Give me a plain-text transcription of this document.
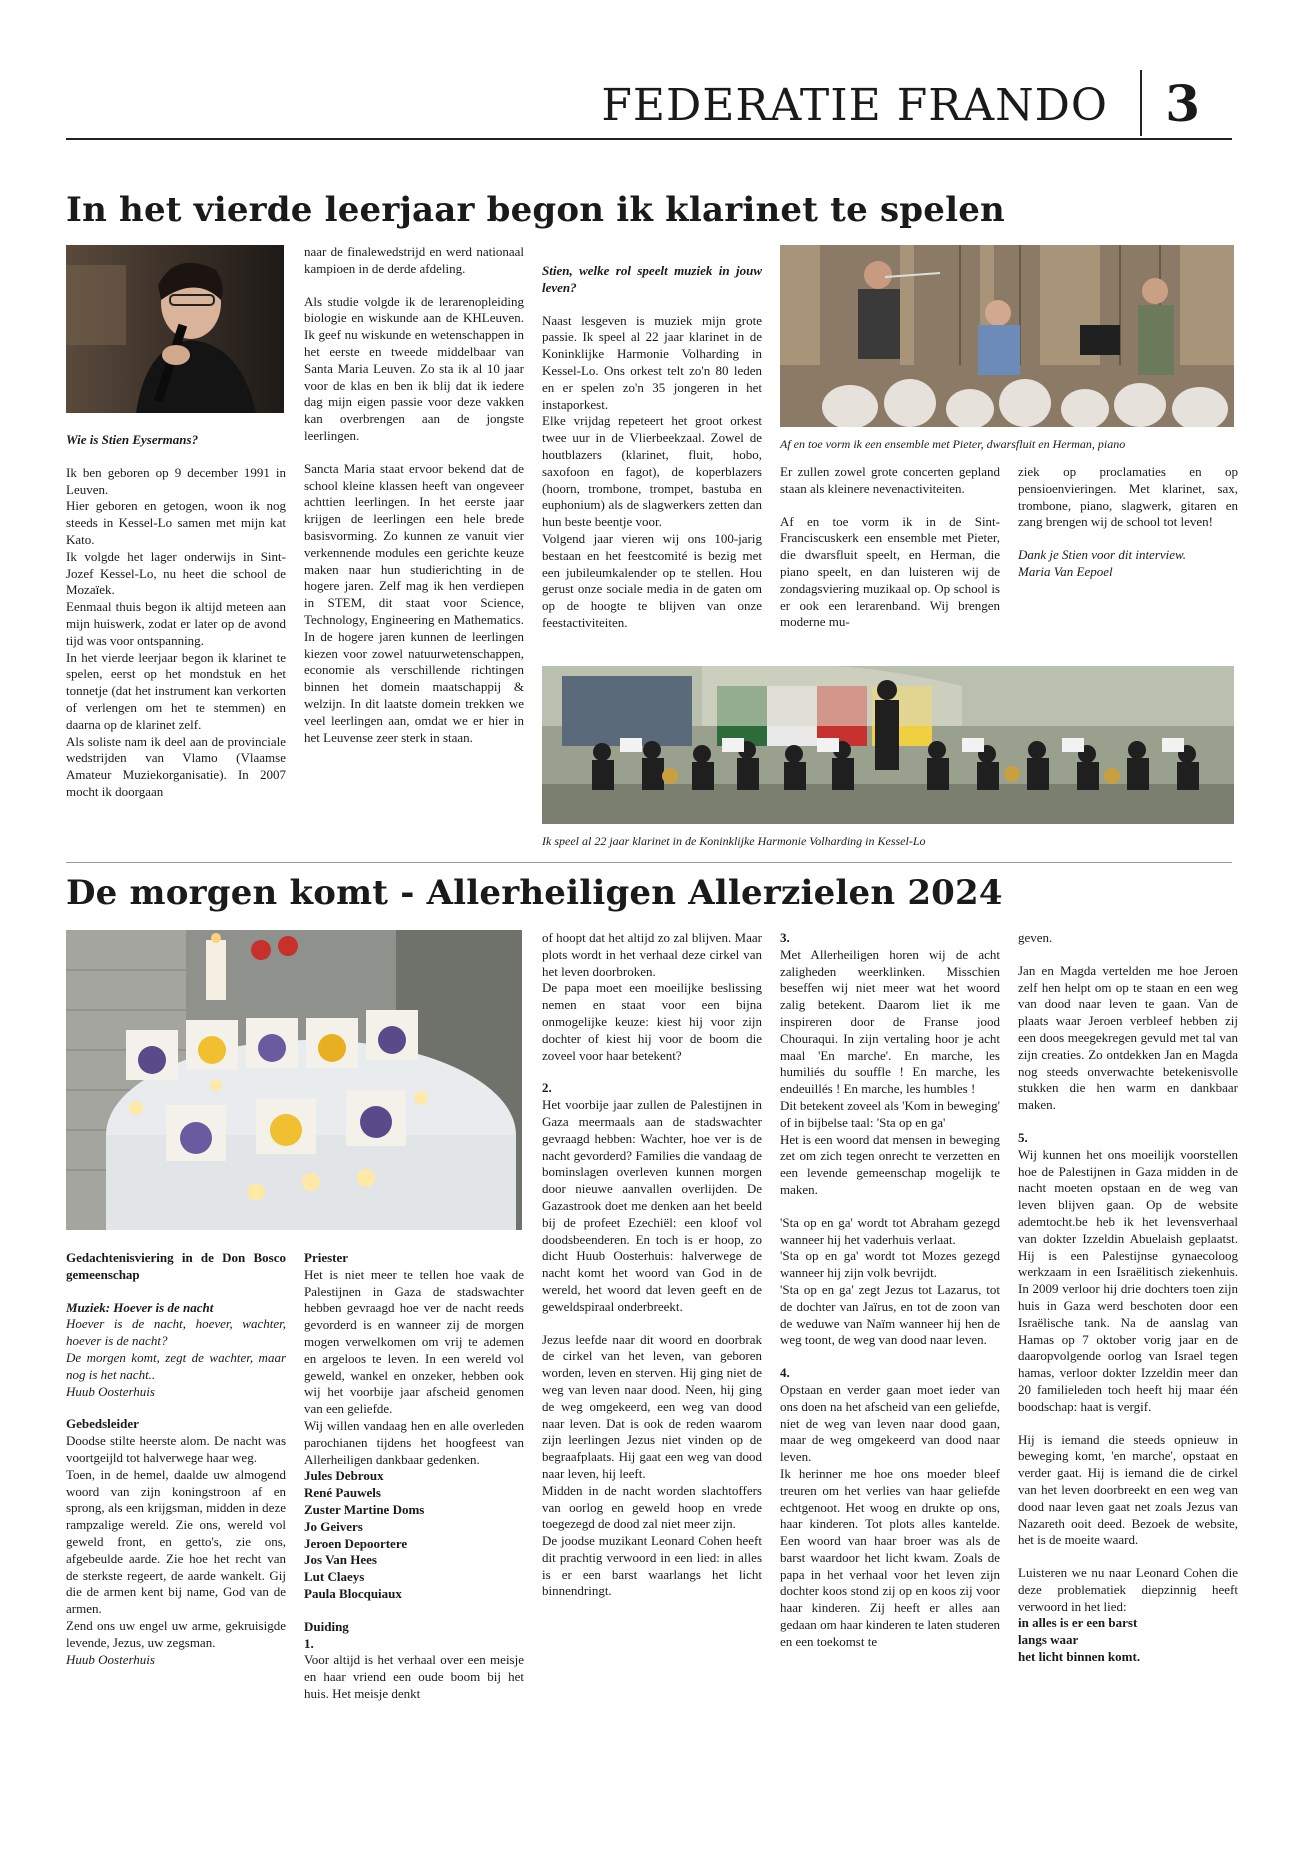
FEDERATIE FRANDO 3
In het vierde leerjaar begon ik klarinet te spelen

Wie is Stien Eysermans?

Ik ben geboren op 9 december 1991 in Leuven.
Hier geboren en getogen, woon ik nog steeds in Kessel-Lo samen met mijn kat Kato.
Ik volgde het lager onderwijs in Sint-Jozef Kessel-Lo, nu heet die school de Mozaïek.
Eenmaal thuis begon ik altijd meteen aan mijn huiswerk, zodat er later op de avond tijd was voor ontspanning.
In het vierde leerjaar begon ik klarinet te spelen, eerst op het mondstuk en het tonnetje (dat het instrument kan verkorten of verlengen om het te stemmen) en daarna op de klarinet zelf.
Als soliste nam ik deel aan de provinciale wedstrijden van Vlamo (Vlaamse Amateur Muziekorganisatie). In 2007 mocht ik doorgaan

naar de finalewedstrijd en werd nationaal kampioen in de derde afdeling.

Als studie volgde ik de lerarenopleiding biologie en wiskunde aan de KHLeuven. Ik geef nu wiskunde en wetenschappen in het eerste en tweede middelbaar van Santa Maria Leuven. Zo sta ik al 10 jaar voor de klas en ben ik blij dat ik iedere dag mijn eigen passie voor deze vakken kan overbrengen aan de jongste leerlingen.

Sancta Maria staat ervoor bekend dat de school kleine klassen heeft van ongeveer achttien leerlingen. In het eerste jaar krijgen de leerlingen een hele brede basisvorming. Zo kunnen ze vanuit vier verkennende modules een gerichte keuze maken naar hun studierichting in de hogere jaren. Zelf mag ik hen verdiepen in STEM, dit staat voor Science, Technology, Engineering en Mathematics. In de hogere jaren kunnen de leerlingen kiezen voor zowel natuurwetenschappen, economie als verschillende richtingen binnen het domein maatschappij & welzijn. In dit laatste domein trekken we veel leerlingen aan, omdat we er hier in het Leuvense zeer sterk in staan.

Stien, welke rol speelt muziek in jouw leven?

Naast lesgeven is muziek mijn grote passie. Ik speel al 22 jaar klarinet in de Koninklijke Harmonie Volharding in Kessel-Lo. Ons orkest telt zo'n 80 leden en er spelen zo'n 35 jongeren in het instaporkest.
Elke vrijdag repeteert het groot orkest twee uur in de Vlierbeekzaal. Zowel de houtblazers (klarinet, fluit, hobo, saxofoon en fagot), de koperblazers (hoorn, trombone, trompet, bastuba en euphonium) als de slagwerkers zetten dan hun beste beentje voor.
Volgend jaar vieren wij ons 100-jarig bestaan en het feestcomité is bezig met een jubileumkalender op te stellen. Hou gerust onze sociale media in de gaten om op de hoogte te blijven van onze feestactiviteiten.

Af en toe vorm ik een ensemble met Pieter, dwarsfluit en Herman, piano

Er zullen zowel grote concerten gepland staan als kleinere nevenactiviteiten.

Af en toe vorm ik in de Sint-Franciscuskerk een ensemble met Pieter, die dwarsfluit speelt, en Herman, die piano speelt, en dan luisteren wij de zondagsviering muzikaal op. Op school is er ook een lerarenband. Wij brengen moderne mu-

ziek op proclamaties en op pensioenvieringen. Met klarinet, sax, trombone, piano, slagwerk, gitaren en zang brengen wij de school tot leven!

Dank je Stien voor dit interview.
Maria Van Eepoel

Ik speel al 22 jaar klarinet in de Koninklijke Harmonie Volharding in Kessel-Lo
De morgen komt - Allerheiligen Allerzielen 2024

Gedachtenisviering in de Don Bosco gemeenschap

Muziek: Hoever is de nacht

Hoever is de nacht, hoever, wachter, hoever is de nacht?
De morgen komt, zegt de wachter, maar nog is het nacht..
Huub Oosterhuis

Gebedsleider

Doodse stilte heerste alom. De nacht was voortgeijld tot halverwege haar weg.
Toen, in de hemel, daalde uw almogend woord van zijn koningstroon af en sprong, als een krijgsman, midden in deze rampzalige wereld. Zie ons, wereld vol geweld front, en getto's, zie ons, afgebeulde aarde. Zie hoe het recht van de sterkste regeert, de aarde wankelt. Gij die de armen kent bij name, God van de armen.
Zend ons uw engel uw arme, gekruisigde levende, Jezus, uw zegsman.

Huub Oosterhuis

Priester

Het is niet meer te tellen hoe vaak de Palestijnen in Gaza de stadswachter hebben gevraagd hoe ver de nacht reeds gevorderd is en wanneer zij de morgen mogen verwelkomen om vrij te ademen en argeloos te leven. In een wereld vol geweld, wankel en onzeker, hebben ook wij het voorbije jaar afscheid genomen van een geliefde.
Wij willen vandaag hen en alle overleden parochianen tijdens het hoogfeest van Allerheiligen dankbaar gedenken.

Jules Debroux
René Pauwels
Zuster Martine Doms
Jo Geivers
Jeroen Depoortere
Jos Van Hees
Lut Claeys
Paula Blocquiaux

Duiding

1.

Voor altijd is het verhaal over een meisje en haar vriend een oude boom bij het huis. Het meisje denkt

of hoopt dat het altijd zo zal blijven. Maar plots wordt in het verhaal deze cirkel van het leven doorbroken.
De papa moet een moeilijke beslissing nemen en staat voor een bijna onmogelijke keuze: kiest hij voor zijn dochter of kiest hij voor de boom die zoveel voor haar betekent?

2.

Het voorbije jaar zullen de Palestijnen in Gaza meermaals aan de stadswachter gevraagd hebben: Wachter, hoe ver is de nacht gevorderd? Families die vandaag de bominslagen overleven kunnen morgen door nieuwe aanvallen overlijden. De Gazastrook doet me denken aan het beeld bij de profeet Ezechiël: een kloof vol doodsbeenderen. En toch is er hoop, zo dicht Huub Oosterhuis: halverwege de nacht komt het woord van God in de wereld, het woord dat leven geeft en de geweldspiraal onderbreekt.

Jezus leefde naar dit woord en doorbrak de cirkel van het leven, van geboren worden, leven en sterven. Hij ging niet de weg van leven naar dood. Neen, hij ging de weg omgekeerd, een weg van dood naar leven. Dat is ook de reden waarom zijn leerlingen Jezus niet vinden op de begraafplaats. Hij gaat een weg van dood naar leven, hij leeft.
Midden in de nacht worden slachtoffers van oorlog en geweld hoop en vrede toegezegd de dood zal niet meer zijn.
De joodse muzikant Leonard Cohen heeft dit prachtig verwoord in een lied: in alles is er een barst waarlangs het licht binnendringt.

3.

Met Allerheiligen horen wij de acht zaligheden weerklinken. Misschien beseffen wij niet meer wat het woord zalig betekent. Daarom liet ik me inspireren door de Franse jood Chouraqui. In zijn vertaling hoor je acht maal 'En marche'. En marche, les humiliés du souffle ! En marche, les endeuillés ! En marche, les humbles !
Dit betekent zoveel als 'Kom in beweging' of in bijbelse taal: 'Sta op en ga'
Het is een woord dat mensen in beweging zet om zich tegen onrecht te verzetten en een levende gemeenschap mogelijk te maken.

'Sta op en ga' wordt tot Abraham gezegd wanneer hij het vaderhuis verlaat.
'Sta op en ga' wordt tot Mozes gezegd wanneer hij zijn volk bevrijdt.
'Sta op en ga' zegt Jezus tot Lazarus, tot de dochter van Jaïrus, en tot de zoon van de weduwe van Naïm wanneer hij hen de weg toont, de weg van dood naar leven.

4.

Opstaan en verder gaan moet ieder van ons doen na het afscheid van een geliefde, niet de weg van leven naar dood gaan, maar de weg omgekeerd van dood naar leven.
Ik herinner me hoe ons moeder bleef treuren om het verlies van haar geliefde echtgenoot. Het woog en drukte op ons, haar kinderen. Tot plots alles kantelde. Een woord van haar broer was als de barst waardoor het licht kwam. Zoals de papa in het verhaal voor het leven zijn dochter koos stond zij op en koos zij voor haar kinderen. Zij heeft er alles aan gedaan om haar kinderen te laten studeren en een toekomst te

geven.

Jan en Magda vertelden me hoe Jeroen zelf hen helpt om op te staan en een weg van dood naar leven te gaan. Van de plaats waar Jeroen verbleef hebben zij een doos meegekregen gevuld met tal van zijn creaties. Zo ontdekken Jan en Magda nog steeds onverwachte betekenisvolle stukken die hen warm en dankbaar maken.

5.

Wij kunnen het ons moeilijk voorstellen hoe de Palestijnen in Gaza midden in de nacht moeten opstaan en de weg van leven blijven gaan. Op de website ademtocht.be heb ik het levensverhaal van dokter Izzeldin Abuelaish geplaatst. Hij is een Palestijnse gynaecoloog werkzaam in een Israëlitisch ziekenhuis. In 2009 verloor hij drie dochters toen zijn huis in Gaza werd beschoten door een Israëlische tank. Na de aanslag van Hamas op 7 oktober vorig jaar en de daaropvolgende oorlog van Israel tegen hamas, verloor dokter Izzeldin meer dan 20 familieleden toch heeft hij maar één boodschap: haat is vergif.

Hij is iemand die steeds opnieuw in beweging komt, 'en marche', opstaat en verder gaat. Hij is iemand die de cirkel van het leven doorbreekt en een weg van dood naar leven gaat net zoals Jezus van Nazareth ooit deed. Bezoek de website, het is de moeite waard.

Luisteren we nu naar Leonard Cohen die deze problematiek diepzinnig heeft verwoord in het lied:

in alles is er een barst
langs waar
het licht binnen komt.
